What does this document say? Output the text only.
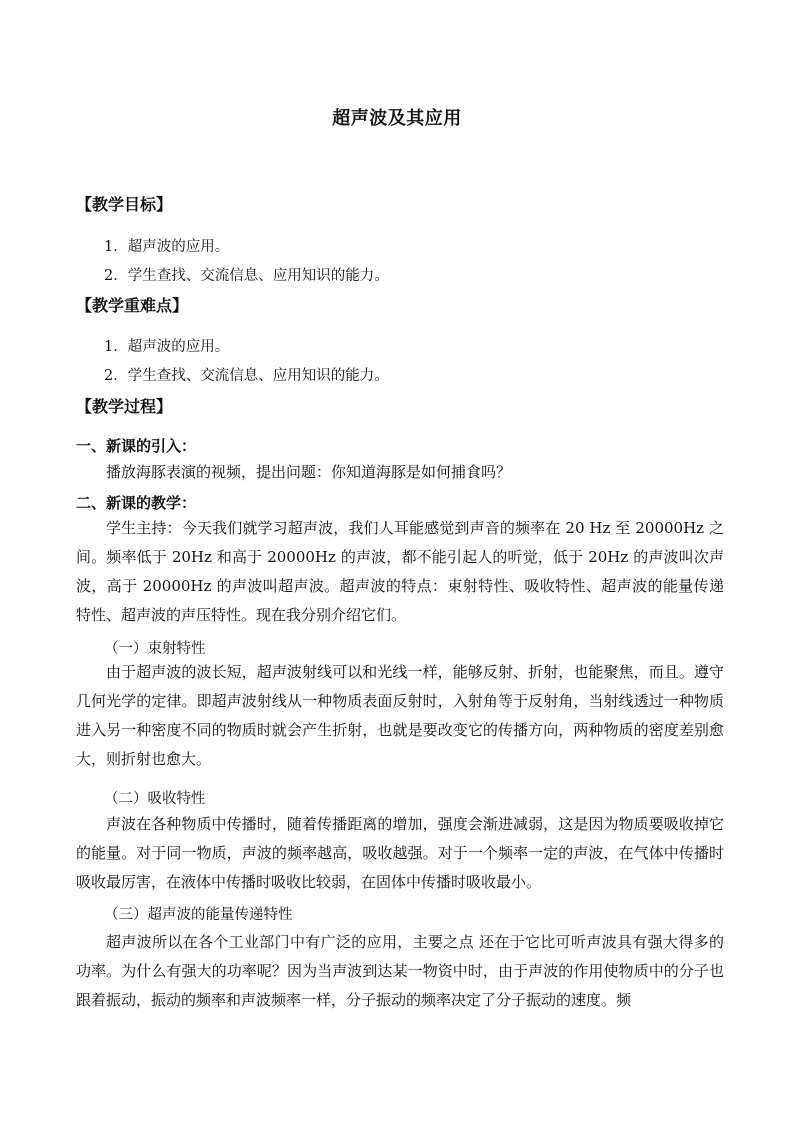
超声波及其应用
【教学目标】
1．超声波的应用。
2．学生查找、交流信息、应用知识的能力。
【教学重难点】
1．超声波的应用。
2．学生查找、交流信息、应用知识的能力。
【教学过程】
一、新课的引入：
播放海豚表演的视频，提出问题：你知道海豚是如何捕食吗？
二、新课的教学：
学生主持：今天我们就学习超声波，我们人耳能感觉到声音的频率在 20 Hz 至 20000Hz 之间。频率低于 20Hz 和高于 20000Hz 的声波，都不能引起人的听觉，低于 20Hz 的声波叫次声波，高于 20000Hz 的声波叫超声波。超声波的特点：束射特性、吸收特性、超声波的能量传递特性、超声波的声压特性。现在我分别介绍它们。
（一）束射特性
由于超声波的波长短，超声波射线可以和光线一样，能够反射、折射，也能聚焦，而且。遵守几何光学的定律。即超声波射线从一种物质表面反射时，入射角等于反射角，当射线透过一种物质进入另一种密度不同的物质时就会产生折射，也就是要改变它的传播方向，两种物质的密度差别愈大，则折射也愈大。
（二）吸收特性
声波在各种物质中传播时，随着传播距离的增加，强度会渐进减弱，这是因为物质要吸收掉它的能量。对于同一物质，声波的频率越高，吸收越强。对于一个频率一定的声波，在气体中传播时吸收最厉害，在液体中传播时吸收比较弱，在固体中传播时吸收最小。
（三）超声波的能量传递特性
超声波所以在各个工业部门中有广泛的应用，主要之点 还在于它比可听声波具有强大得多的功率。为什么有强大的功率呢？因为当声波到达某一物资中时，由于声波的作用使物质中的分子也跟着振动，振动的频率和声波频率一样，分子振动的频率决定了分子振动的速度。频
